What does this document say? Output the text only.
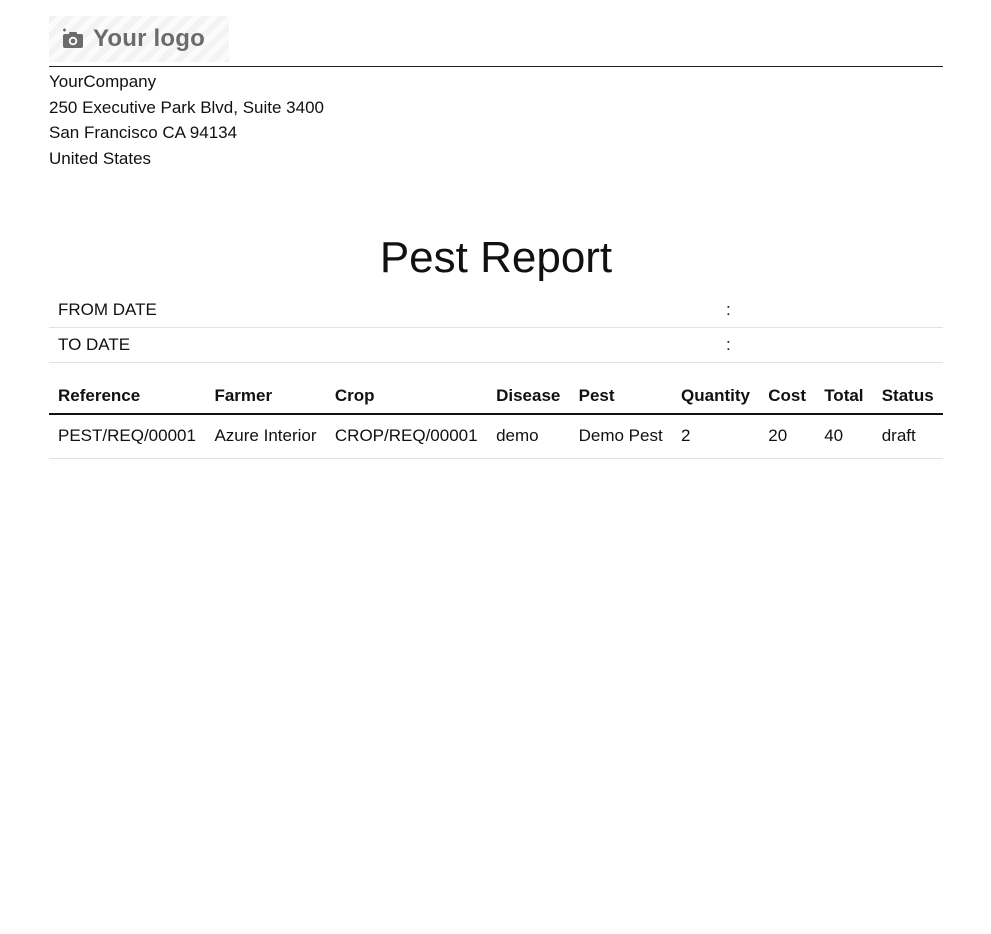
Your logo
YourCompany
250 Executive Park Blvd, Suite 3400
San Francisco CA 94134
United States
Pest Report
FROM DATE	:
TO DATE	:
Reference	Farmer	Crop	Disease	Pest	Quantity	Cost	Total	Status
PEST/REQ/00001	Azure Interior	CROP/REQ/00001	demo	Demo Pest	2	20	40	draft
